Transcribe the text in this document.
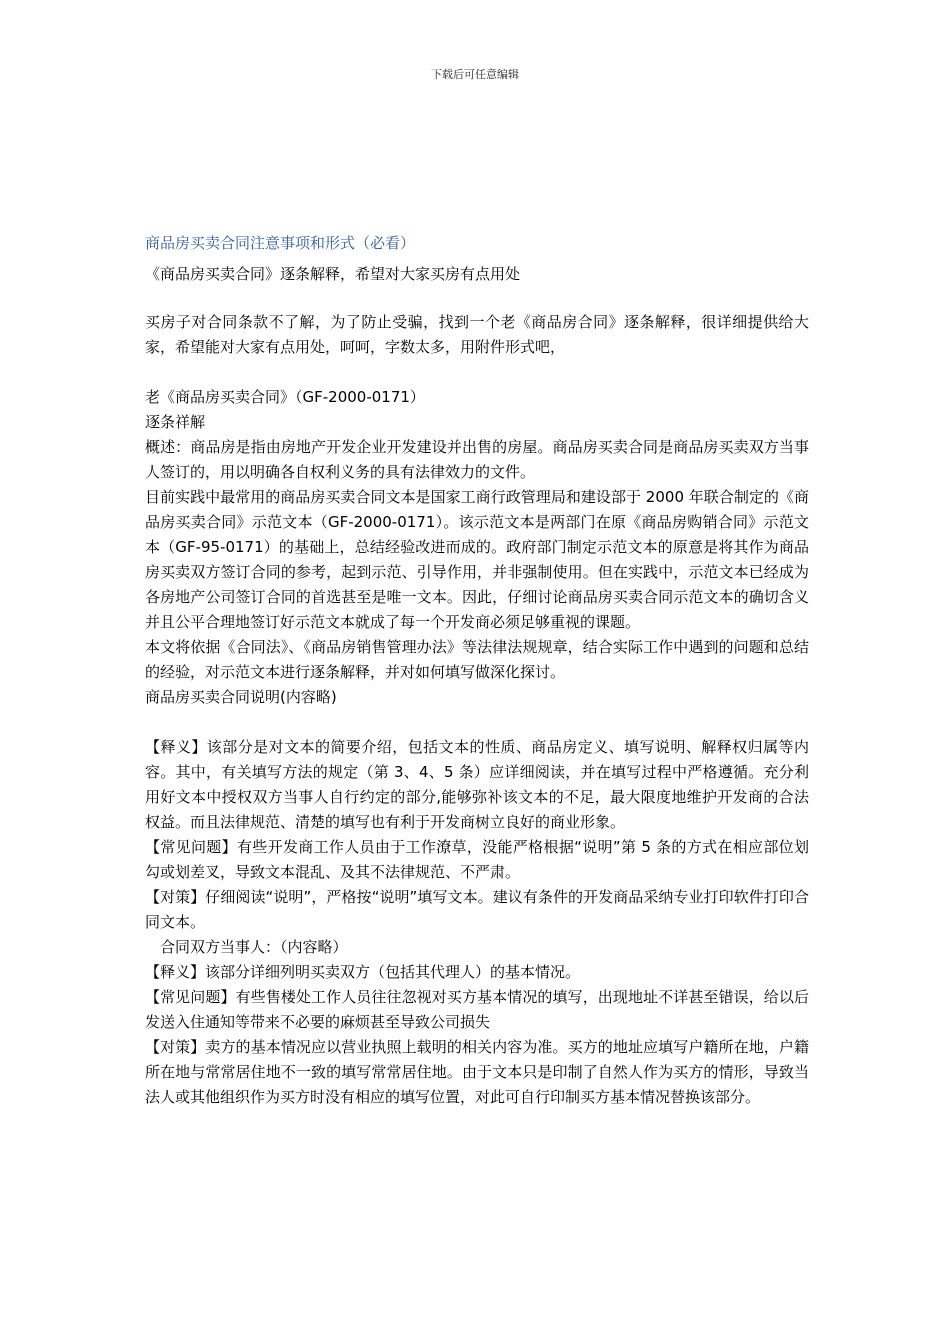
下载后可任意编辑
商品房买卖合同注意事项和形式（必看）

《商品房买卖合同》逐条解释，希望对大家买房有点用处

买房子对合同条款不了解，为了防止受骗，找到一个老《商品房合同》逐条解释，很详细提供给大家，希望能对大家有点用处，呵呵，字数太多，用附件形式吧，

老《商品房买卖合同》（GF-2000-0171）

逐条祥解

概述：商品房是指由房地产开发企业开发建设并出售的房屋。商品房买卖合同是商品房买卖双方当事人签订的，用以明确各自权利义务的具有法律效力的文件。

目前实践中最常用的商品房买卖合同文本是国家工商行政管理局和建设部于 2000 年联合制定的《商品房买卖合同》示范文本（GF-2000-0171）。该示范文本是两部门在原《商品房购销合同》示范文本（GF-95-0171）的基础上，总结经验改进而成的。政府部门制定示范文本的原意是将其作为商品房买卖双方签订合同的参考，起到示范、引导作用，并非强制使用。但在实践中，示范文本已经成为各房地产公司签订合同的首选甚至是唯一文本。因此，仔细讨论商品房买卖合同示范文本的确切含义并且公平合理地签订好示范文本就成了每一个开发商必须足够重视的课题。

本文将依据《合同法》、《商品房销售管理办法》等法律法规规章，结合实际工作中遇到的问题和总结的经验，对示范文本进行逐条解释，并对如何填写做深化探讨。

商品房买卖合同说明(内容略)

【释义】该部分是对文本的简要介绍，包括文本的性质、商品房定义、填写说明、解释权归属等内容。其中，有关填写方法的规定（第 3、4、5 条）应详细阅读，并在填写过程中严格遵循。充分利用好文本中授权双方当事人自行约定的部分,能够弥补该文本的不足，最大限度地维护开发商的合法权益。而且法律规范、清楚的填写也有利于开发商树立良好的商业形象。

【常见问题】有些开发商工作人员由于工作潦草，没能严格根据“说明”第 5 条的方式在相应部位划勾或划差叉，导致文本混乱、及其不法律规范、不严肃。

【对策】仔细阅读“说明”，严格按“说明”填写文本。建议有条件的开发商品采纳专业打印软件打印合同文本。

合同双方当事人：（内容略）

【释义】该部分详细列明买卖双方（包括其代理人）的基本情况。

【常见问题】有些售楼处工作人员往往忽视对买方基本情况的填写，出现地址不详甚至错误，给以后发送入住通知等带来不必要的麻烦甚至导致公司损失

【对策】卖方的基本情况应以营业执照上载明的相关内容为准。买方的地址应填写户籍所在地，户籍所在地与常常居住地不一致的填写常常居住地。由于文本只是印制了自然人作为买方的情形，导致当法人或其他组织作为买方时没有相应的填写位置，对此可自行印制买方基本情况替换该部分。
